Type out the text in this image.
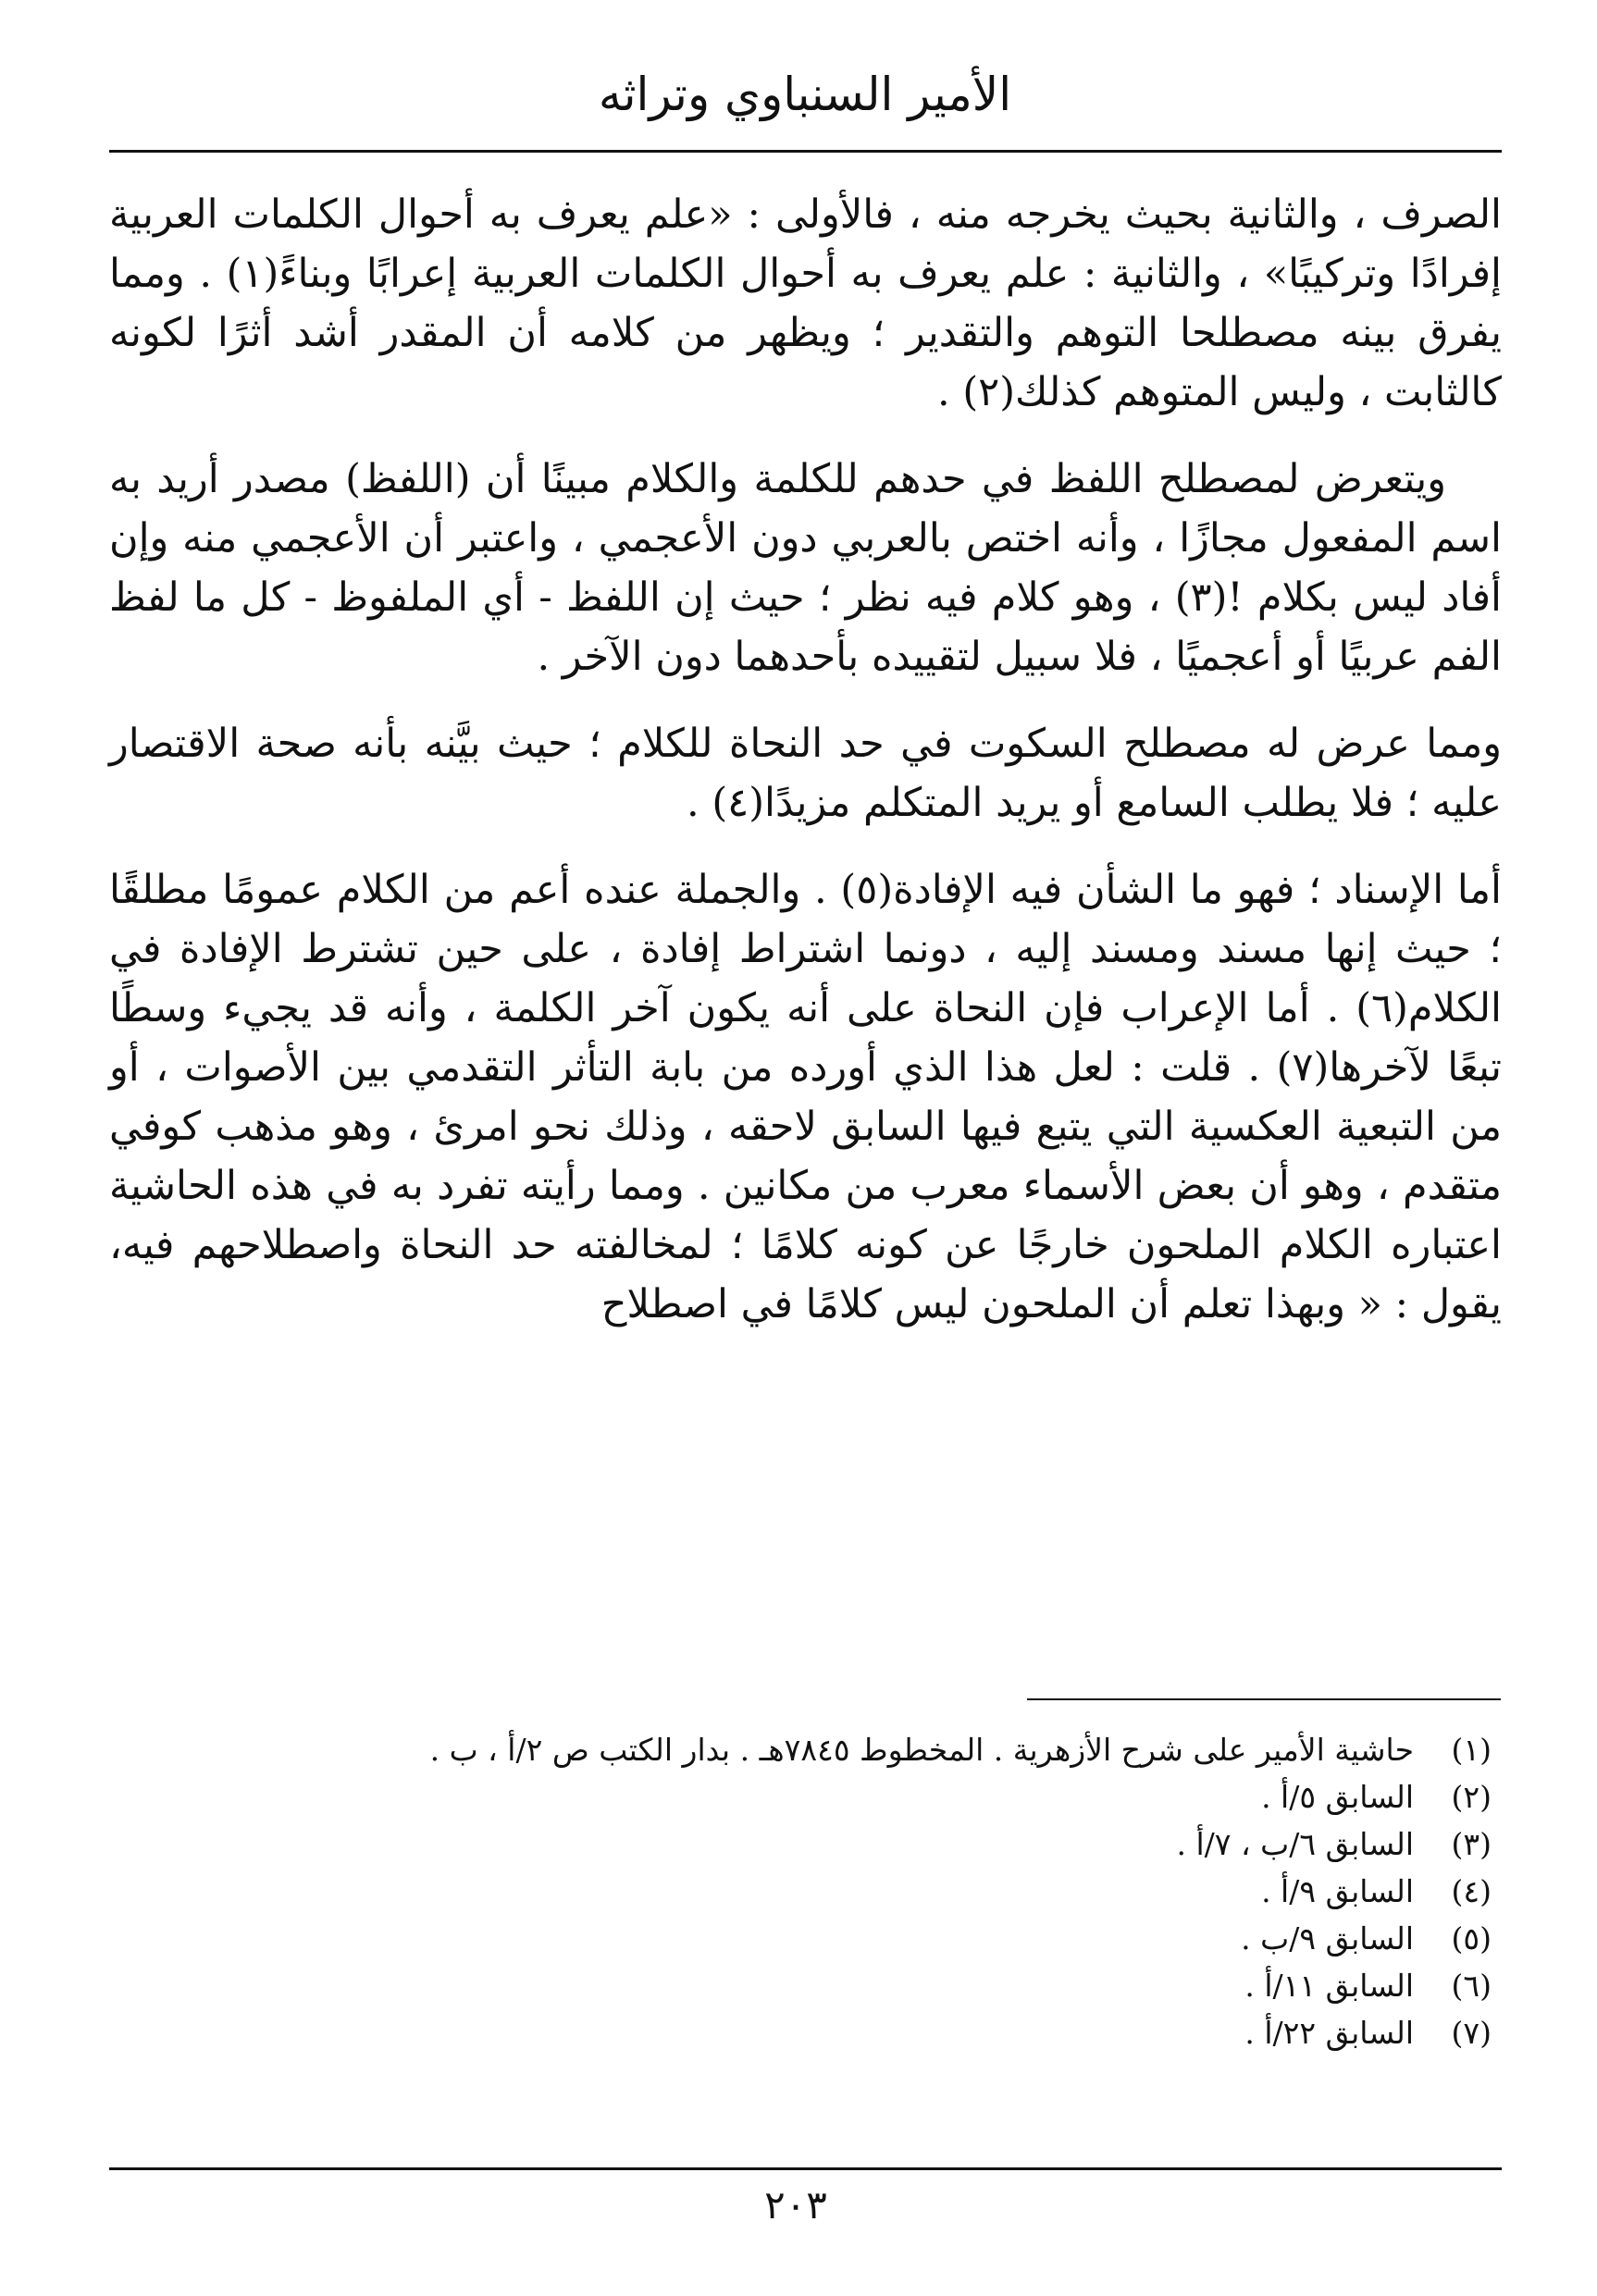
الأمير السنباوي وتراثه

الصرف ، والثانية بحيث يخرجه منه ، فالأولى : «علم يعرف به أحوال الكلمات العربية إفرادًا وتركيبًا» ، والثانية : علم يعرف به أحوال الكلمات العربية إعرابًا وبناءً(١) . ومما يفرق بينه مصطلحا التوهم والتقدير ؛ ويظهر من كلامه أن المقدر أشد أثرًا لكونه كالثابت ، وليس المتوهم كذلك(٢) .

ويتعرض لمصطلح اللفظ في حدهم للكلمة والكلام مبينًا أن (اللفظ) مصدر أريد به اسم المفعول مجازًا ، وأنه اختص بالعربي دون الأعجمي ، واعتبر أن الأعجمي منه وإن أفاد ليس بكلام !(٣) ، وهو كلام فيه نظر ؛ حيث إن اللفظ - أي الملفوظ - كل ما لفظ الفم عربيًا أو أعجميًا ، فلا سبيل لتقييده بأحدهما دون الآخر .

ومما عرض له مصطلح السكوت في حد النحاة للكلام ؛ حيث بيَّنه بأنه صحة الاقتصار عليه ؛ فلا يطلب السامع أو يريد المتكلم مزيدًا(٤) .

أما الإسناد ؛ فهو ما الشأن فيه الإفادة(٥) . والجملة عنده أعم من الكلام عمومًا مطلقًا ؛ حيث إنها مسند ومسند إليه ، دونما اشتراط إفادة ، على حين تشترط الإفادة في الكلام(٦) . أما الإعراب فإن النحاة على أنه يكون آخر الكلمة ، وأنه قد يجيء وسطًا تبعًا لآخرها(٧) . قلت : لعل هذا الذي أورده من بابة التأثر التقدمي بين الأصوات ، أو من التبعية العكسية التي يتبع فيها السابق لاحقه ، وذلك نحو امرئ ، وهو مذهب كوفي متقدم ، وهو أن بعض الأسماء معرب من مكانين . ومما رأيته تفرد به في هذه الحاشية اعتباره الكلام الملحون خارجًا عن كونه كلامًا ؛ لمخالفته حد النحاة واصطلاحهم فيه، يقول : « وبهذا تعلم أن الملحون ليس كلامًا في اصطلاح

(١)
حاشية الأمير على شرح الأزهرية . المخطوط ٧٨٤٥هـ . بدار الكتب ص ٢/أ ، ب .
(٢)
السابق ٥/أ .
(٣)
السابق ٦/ب ، ٧/أ .
(٤)
السابق ٩/أ .
(٥)
السابق ٩/ب .
(٦)
السابق ١١/أ .
(٧)
السابق ٢٢/أ .
٢٠٣
